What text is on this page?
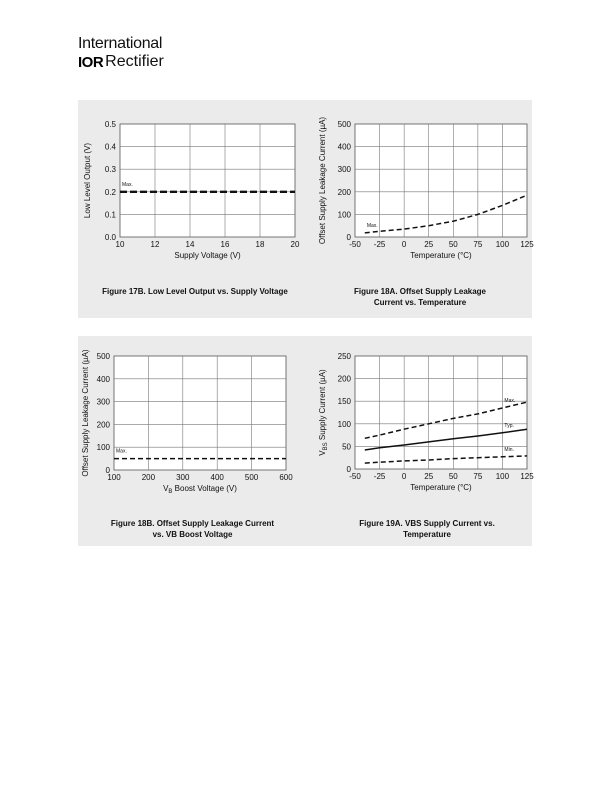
International
IOR Rectifier
10	12	14	16	18	20
0.0
0.1
0.2
0.3
0.4
0.5
Supply Voltage (V)
Low Level Output (V)	Max.
-50 -25 0 25 50 75 100 125
0
100
200
300
400
500
Temperature (°C)
Offset Supply Leakage Current (µA)	Max.
100	200	300	400	500	600
0
100
200
300
400
500
$V_B$ Boost Voltage (V)
Offset Supply Leakage Current (µA)	Max.
-50 -25 0 25 50 75 100 125
0
50
100
150
200
250
Temperature (°C)
$V_{BS}$ Supply Current (µA)	Max.
Typ.
Min.
Figure 17B. Low Level Output vs. Supply Voltage	Figure 18A. Offset Supply Leakage Current vs. Temperature
Figure 18B. Offset Supply Leakage Current vs. VB Boost Voltage
Figure 19A. VBS Supply Current vs. Temperature
